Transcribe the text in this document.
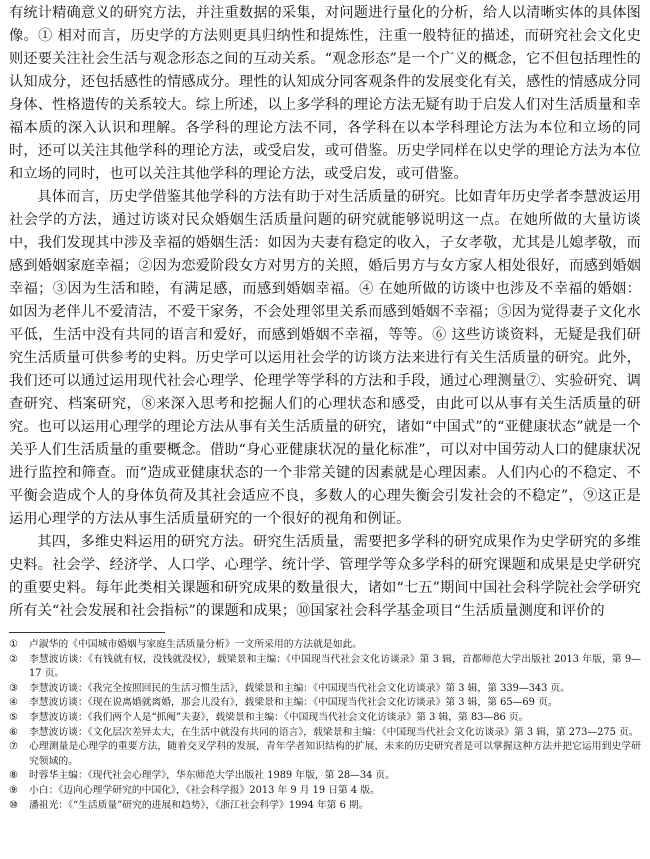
有统计精确意义的研究方法，并注重数据的采集，对问题进行量化的分析，给人以清晰实体的具体图像。① 相对而言，历史学的方法则更具归纳性和提炼性，注重一般特征的描述，而研究社会文化史则还要关注社会生活与观念形态之间的互动关系。“观念形态”是一个广义的概念，它不但包括理性的认知成分，还包括感性的情感成分。理性的认知成分同客观条件的发展变化有关，感性的情感成分同身体、性格遗传的关系较大。综上所述，以上多学科的理论方法无疑有助于启发人们对生活质量和幸福本质的深入认识和理解。各学科的理论方法不同，各学科在以本学科理论方法为本位和立场的同时，还可以关注其他学科的理论方法，或受启发，或可借鉴。历史学同样在以史学的理论方法为本位和立场的同时，也可以关注其他学科的理论方法，或受启发，或可借鉴。

具体而言，历史学借鉴其他学科的方法有助于对生活质量的研究。比如青年历史学者李慧波运用社会学的方法，通过访谈对民众婚姻生活质量问题的研究就能够说明这一点。在她所做的大量访谈中，我们发现其中涉及幸福的婚姻生活：如因为夫妻有稳定的收入，子女孝敬，尤其是儿媳孝敬，而感到婚姻家庭幸福；②因为恋爱阶段女方对男方的关照，婚后男方与女方家人相处很好，而感到婚姻幸福；③因为生活和睦，有满足感，而感到婚姻幸福。④ 在她所做的访谈中也涉及不幸福的婚姻：如因为老伴儿不爱清洁，不爱干家务，不会处理邻里关系而感到婚姻不幸福；⑤因为觉得妻子文化水平低，生活中没有共同的语言和爱好，而感到婚姻不幸福，等等。⑥ 这些访谈资料，无疑是我们研究生活质量可供参考的史料。历史学可以运用社会学的访谈方法来进行有关生活质量的研究。此外，我们还可以通过运用现代社会心理学、伦理学等学科的方法和手段，通过心理测量⑦、实验研究、调查研究、档案研究，⑧来深入思考和挖掘人们的心理状态和感受，由此可以从事有关生活质量的研究。也可以运用心理学的理论方法从事有关生活质量的研究，诸如“中国式”的“亚健康状态”就是一个关乎人们生活质量的重要概念。借助“身心亚健康状况的量化标准”，可以对中国劳动人口的健康状况进行监控和筛查。而“造成亚健康状态的一个非常关键的因素就是心理因素。人们内心的不稳定、不平衡会造成个人的身体负荷及其社会适应不良，多数人的心理失衡会引发社会的不稳定”，⑨这正是运用心理学的方法从事生活质量研究的一个很好的视角和例证。

其四，多维史料运用的研究方法。研究生活质量，需要把多学科的研究成果作为史学研究的多维史料。社会学、经济学、人口学、心理学、统计学、管理学等众多学科的研究课题和成果是史学研究的重要史料。每年此类相关课题和研究成果的数量很大，诸如“七五”期间中国社会科学院社会学研究所有关“社会发展和社会指标”的课题和成果；⑩国家社会科学基金项目“生活质量测度和评价的

①	卢淑华的《中国城市婚姻与家庭生活质量分析》一文所采用的方法就是如此。
②	李慧波访谈：《有钱就有权，没钱就没权》，载梁景和主编：《中国现当代社会文化访谈录》第 3 辑，首都师范大学出版社 2013 年版，第 9—17 页。
③	李慧波访谈：《我完全按照回民的生活习惯生活》，载梁景和主编：《中国现当代社会文化访谈录》第 3 辑，第 339—343 页。
④	李慧波访谈：《现在说离婚就离婚，那会儿没有》，载梁景和主编：《中国现当代社会文化访谈录》第 3 辑，第 65—69 页。
⑤	李慧波访谈：《我们两个人是“抓阄”夫妻》，载梁景和主编：《中国现当代社会文化访谈录》第 3 辑，第 83—86 页。
⑥	李慧波访谈：《文化层次差异太大，在生活中就没有共同的语言》，载梁景和主编：《中国现当代社会文化访谈录》第 3 辑，第 273—275 页。
⑦	心理测量是心理学的重要方法，随着交叉学科的发展，青年学者知识结构的扩展，未来的历史研究者是可以掌握这种方法并把它运用到史学研究领域的。
⑧	时蓉华主编：《现代社会心理学》，华东师范大学出版社 1989 年版，第 28—34 页。
⑨	小白：《迈向心理学研究的中国化》，《社会科学报》2013 年 9 月 19 日第 4 版。
⑩	潘祖光：《“生活质量”研究的进展和趋势》，《浙江社会科学》1994 年第 6 期。
